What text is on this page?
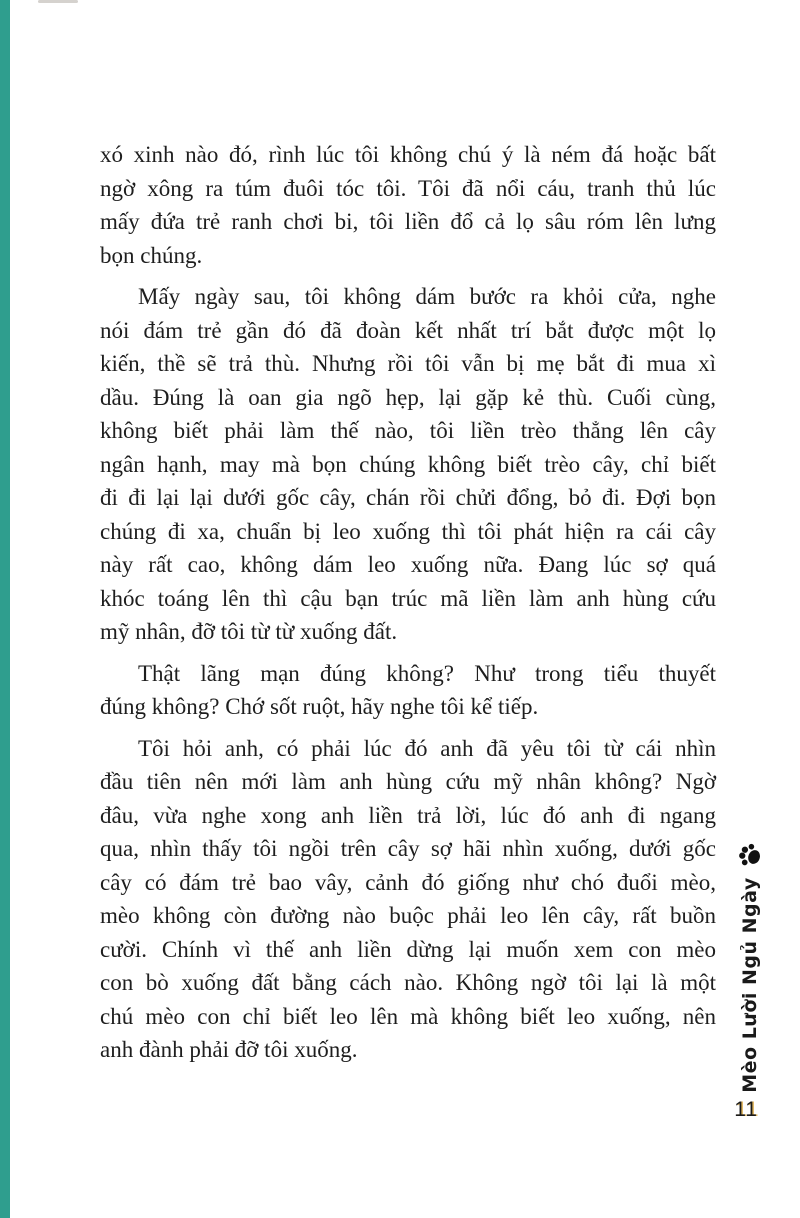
xó xinh nào đó, rình lúc tôi không chú ý là ném đá hoặc bất
ngờ xông ra túm đuôi tóc tôi. Tôi đã nổi cáu, tranh thủ lúc
mấy đứa trẻ ranh chơi bi, tôi liền đổ cả lọ sâu róm lên lưng
bọn chúng.
Mấy ngày sau, tôi không dám bước ra khỏi cửa, nghe
nói đám trẻ gần đó đã đoàn kết nhất trí bắt được một lọ
kiến, thề sẽ trả thù. Nhưng rồi tôi vẫn bị mẹ bắt đi mua xì
dầu. Đúng là oan gia ngõ hẹp, lại gặp kẻ thù. Cuối cùng,
không biết phải làm thế nào, tôi liền trèo thẳng lên cây
ngân hạnh, may mà bọn chúng không biết trèo cây, chỉ biết
đi đi lại lại dưới gốc cây, chán rồi chửi đổng, bỏ đi. Đợi bọn
chúng đi xa, chuẩn bị leo xuống thì tôi phát hiện ra cái cây
này rất cao, không dám leo xuống nữa. Đang lúc sợ quá
khóc toáng lên thì cậu bạn trúc mã liền làm anh hùng cứu
mỹ nhân, đỡ tôi từ từ xuống đất.
Thật lãng mạn đúng không? Như trong tiểu thuyết
đúng không? Chớ sốt ruột, hãy nghe tôi kể tiếp.
Tôi hỏi anh, có phải lúc đó anh đã yêu tôi từ cái nhìn
đầu tiên nên mới làm anh hùng cứu mỹ nhân không? Ngờ
đâu, vừa nghe xong anh liền trả lời, lúc đó anh đi ngang
qua, nhìn thấy tôi ngồi trên cây sợ hãi nhìn xuống, dưới gốc
cây có đám trẻ bao vây, cảnh đó giống như chó đuổi mèo,
mèo không còn đường nào buộc phải leo lên cây, rất buồn
cười. Chính vì thế anh liền dừng lại muốn xem con mèo
con bò xuống đất bằng cách nào. Không ngờ tôi lại là một
chú mèo con chỉ biết leo lên mà không biết leo xuống, nên
anh đành phải đỡ tôi xuống.	Mèo Lười Ngủ Ngày
11
